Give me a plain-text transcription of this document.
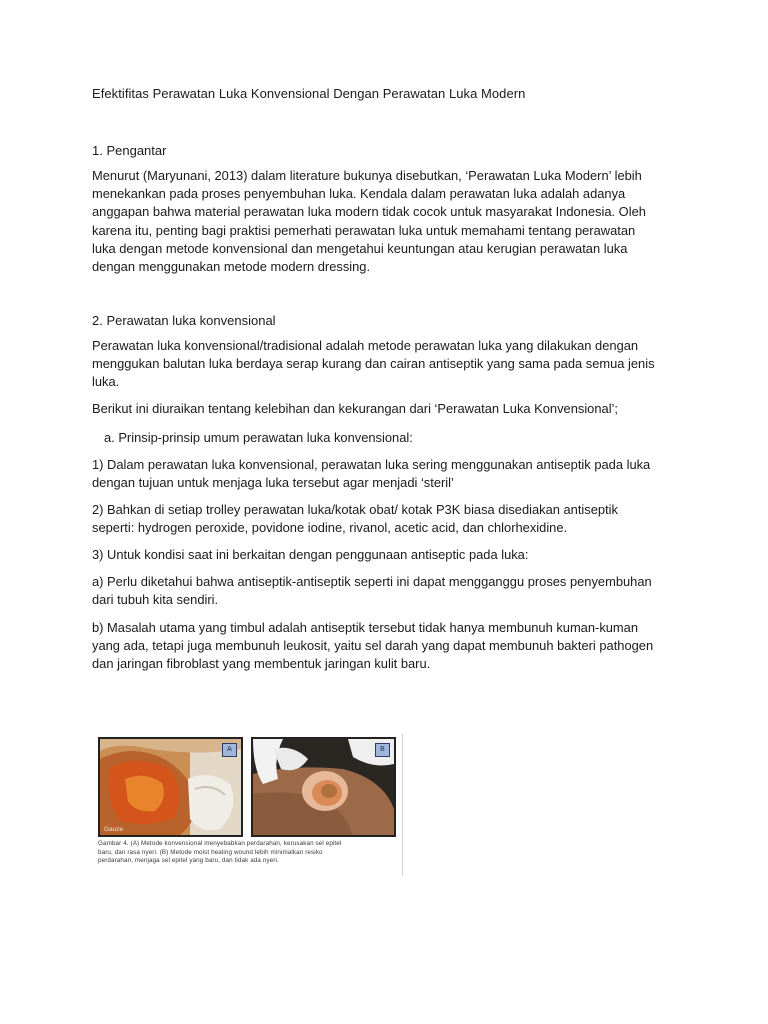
Efektifitas Perawatan Luka Konvensional Dengan Perawatan Luka Modern
1. Pengantar
Menurut (Maryunani, 2013) dalam literature bukunya disebutkan, ‘Perawatan Luka Modern’ lebih
menekankan pada proses penyembuhan luka. Kendala dalam perawatan luka adalah adanya
anggapan bahwa material perawatan luka modern tidak cocok untuk masyarakat Indonesia. Oleh
karena itu, penting bagi praktisi pemerhati perawatan luka untuk memahami tentang perawatan
luka dengan metode konvensional dan mengetahui keuntungan atau kerugian perawatan luka
dengan menggunakan metode modern dressing.
2. Perawatan luka konvensional
Perawatan luka konvensional/tradisional adalah metode perawatan luka yang dilakukan dengan
menggukan balutan luka berdaya serap kurang dan cairan antiseptik yang sama pada semua jenis
luka.
Berikut ini diuraikan tentang kelebihan dan kekurangan dari ‘Perawatan Luka Konvensional’;
a. Prinsip-prinsip umum perawatan luka konvensional:
1) Dalam perawatan luka konvensional, perawatan luka sering menggunakan antiseptik pada luka
dengan tujuan untuk menjaga luka tersebut agar menjadi ‘steril’
2) Bahkan di setiap trolley perawatan luka/kotak obat/ kotak P3K biasa disediakan antiseptik
seperti: hydrogen peroxide, povidone iodine, rivanol, acetic acid, dan chlorhexidine.
3) Untuk kondisi saat ini berkaitan dengan penggunaan antiseptic pada luka:
a) Perlu diketahui bahwa antiseptik-antiseptik seperti ini dapat mengganggu proses penyembuhan
dari tubuh kita sendiri.
b) Masalah utama yang timbul adalah antiseptik tersebut tidak hanya membunuh kuman-kuman
yang ada, tetapi juga membunuh leukosit, yaitu sel darah yang dapat membunuh bakteri pathogen
dan jaringan fibroblast yang membentuk jaringan kulit baru.
A
Gauze
B
Gambar 4. (A) Metode konvensional menyebabkan perdarahan, kerusakan sel epitel
baru, dan rasa nyeri. (B) Metode moist healing wound lebih minimalkan resiko
perdarahan, menjaga sel epitel yang baru, dan tidak ada nyeri.
